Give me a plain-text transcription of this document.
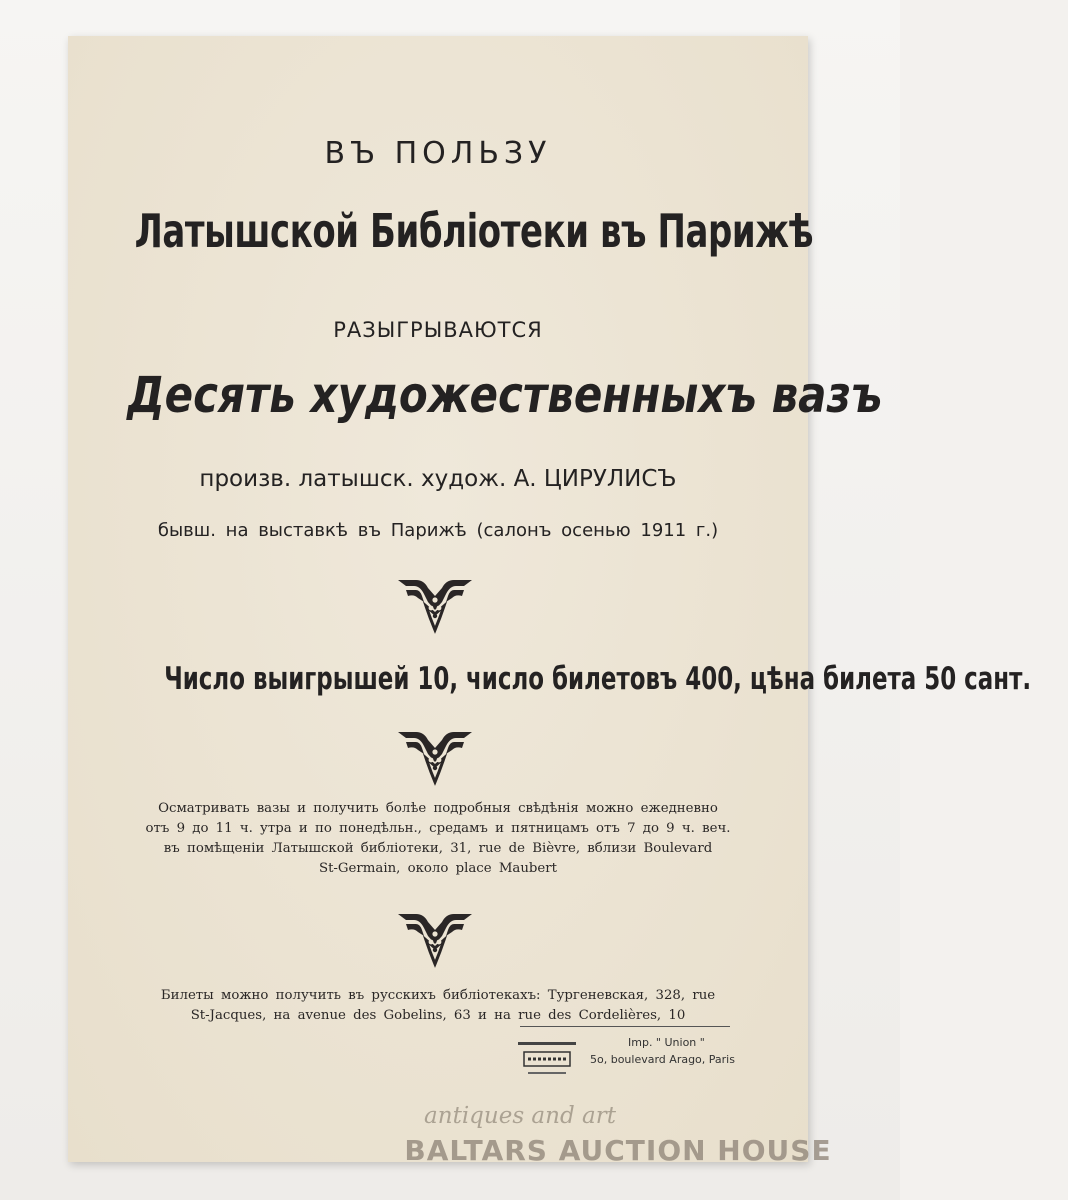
ВЪ ПОЛЬЗУ
Латышской Библіотеки въ Парижѣ
РАЗЫГРЫВАЮТСЯ
Десять художественныхъ вазъ
произв. латышск. худож. А. ЦИРУЛИСЪ
бывш. на выставкѣ въ Парижѣ (салонъ осенью 1911 г.)
Число выигрышей 10, число билетовъ 400, цѣна билета 50 сант.
Осматривать вазы и получить болѣе подробныя свѣдѣнія можно ежедневно
отъ 9 до 11 ч. утра и по понедѣльн., средамъ и пятницамъ отъ 7 до 9 ч. веч.
въ помѣщеніи Латышской библіотеки, 31, rue de Bièvre, вблизи Boulevard
St-Germain, около place Maubert
Билеты можно получить въ русскихъ библіотекахъ: Тургеневская, 328, rue
St-Jacques, на avenue des Gobelins, 63 и на rue des Cordelières, 10
Imp. " Union "
5o, boulevard Arago, Paris
antiques and art
BALTARS AUCTION HOUSE
